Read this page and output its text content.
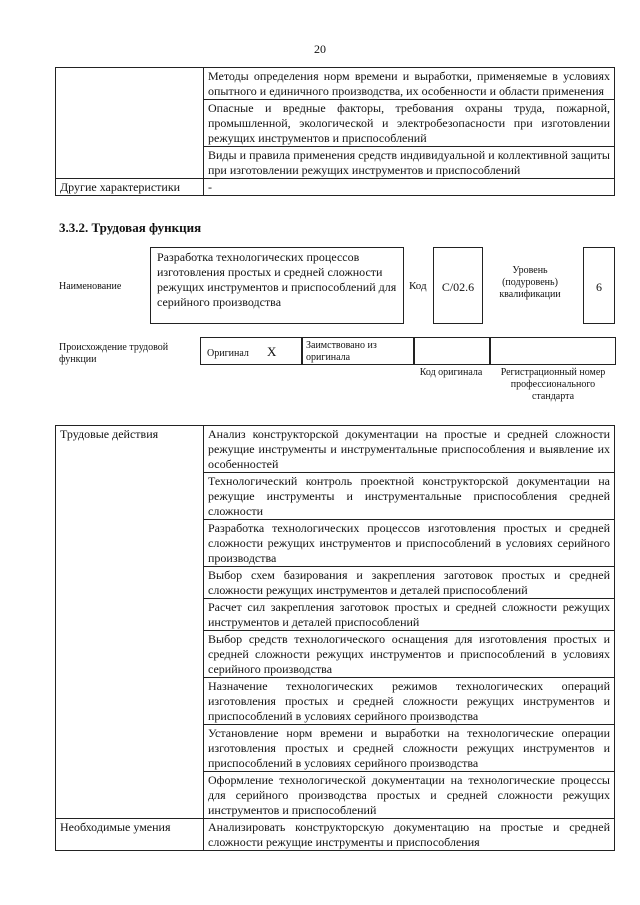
20
	Методы определения норм времени и выработки, применяемые в условиях опытного и единичного производства, их особенности и области применения
	Опасные и вредные факторы, требования охраны труда, пожарной, промышленной, экологической и электробезопасности при изготовлении режущих инструментов и приспособлений
	Виды и правила применения средств индивидуальной и коллективной защиты при изготовлении режущих инструментов и приспособлений
Другие характеристики	-
3.3.2. Трудовая функция
Наименование
Разработка технологических процессов изготовления простых и средней сложности режущих инструментов и приспособлений для серийного производства
Код	С/02.6
Уровень (подуровень) квалификации
6
Происхождение трудовой функции
Оригинал X	Заимствовано из оригинала
Код оригинала	Регистрационный номер профессионального стандарта
Трудовые действия	Анализ конструкторской документации на простые и средней сложности режущие инструменты и инструментальные приспособления и выявление их особенностей
	Технологический контроль проектной конструкторской документации на режущие инструменты и инструментальные приспособления средней сложности
	Разработка технологических процессов изготовления простых и средней сложности режущих инструментов и приспособлений в условиях серийного производства
	Выбор схем базирования и закрепления заготовок простых и средней сложности режущих инструментов и деталей приспособлений
	Расчет сил закрепления заготовок простых и средней сложности режущих инструментов и деталей приспособлений
	Выбор средств технологического оснащения для изготовления простых и средней сложности режущих инструментов и приспособлений в условиях серийного производства
	Назначение технологических режимов технологических операций изготовления простых и средней сложности режущих инструментов и приспособлений в условиях серийного производства
	Установление норм времени и выработки на технологические операции изготовления простых и средней сложности режущих инструментов и приспособлений в условиях серийного производства
	Оформление технологической документации на технологические процессы для серийного производства простых и средней сложности режущих инструментов и приспособлений
Необходимые умения	Анализировать конструкторскую документацию на простые и средней сложности режущие инструменты и приспособления
